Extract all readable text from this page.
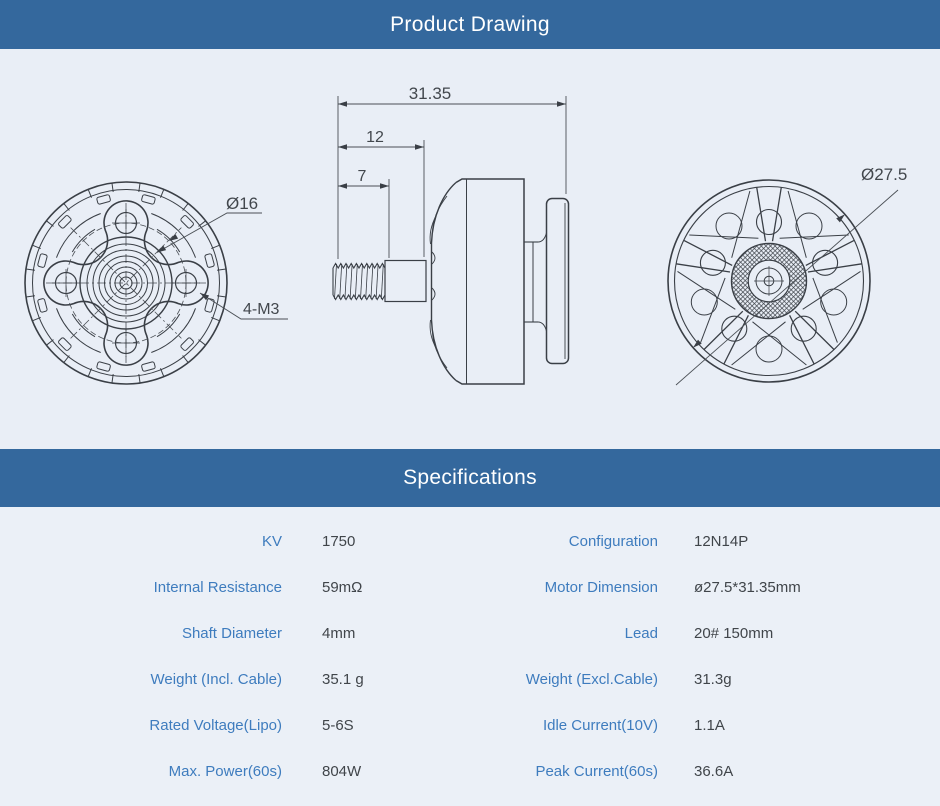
Product Drawing
Ø16
4-M3
31.35
12
7	Ø27.5
Specifications
KV	1750	Configuration	12N14P
Internal Resistance	59mΩ	Motor Dimension	ø27.5*31.35mm
Shaft Diameter	4mm	Lead	20# 150mm
Weight (Incl. Cable)	35.1 g	Weight (Excl.Cable)	31.3g
Rated Voltage(Lipo)	5-6S	Idle Current(10V)	1.1A
Max. Power(60s)	804W	Peak Current(60s)	36.6A
